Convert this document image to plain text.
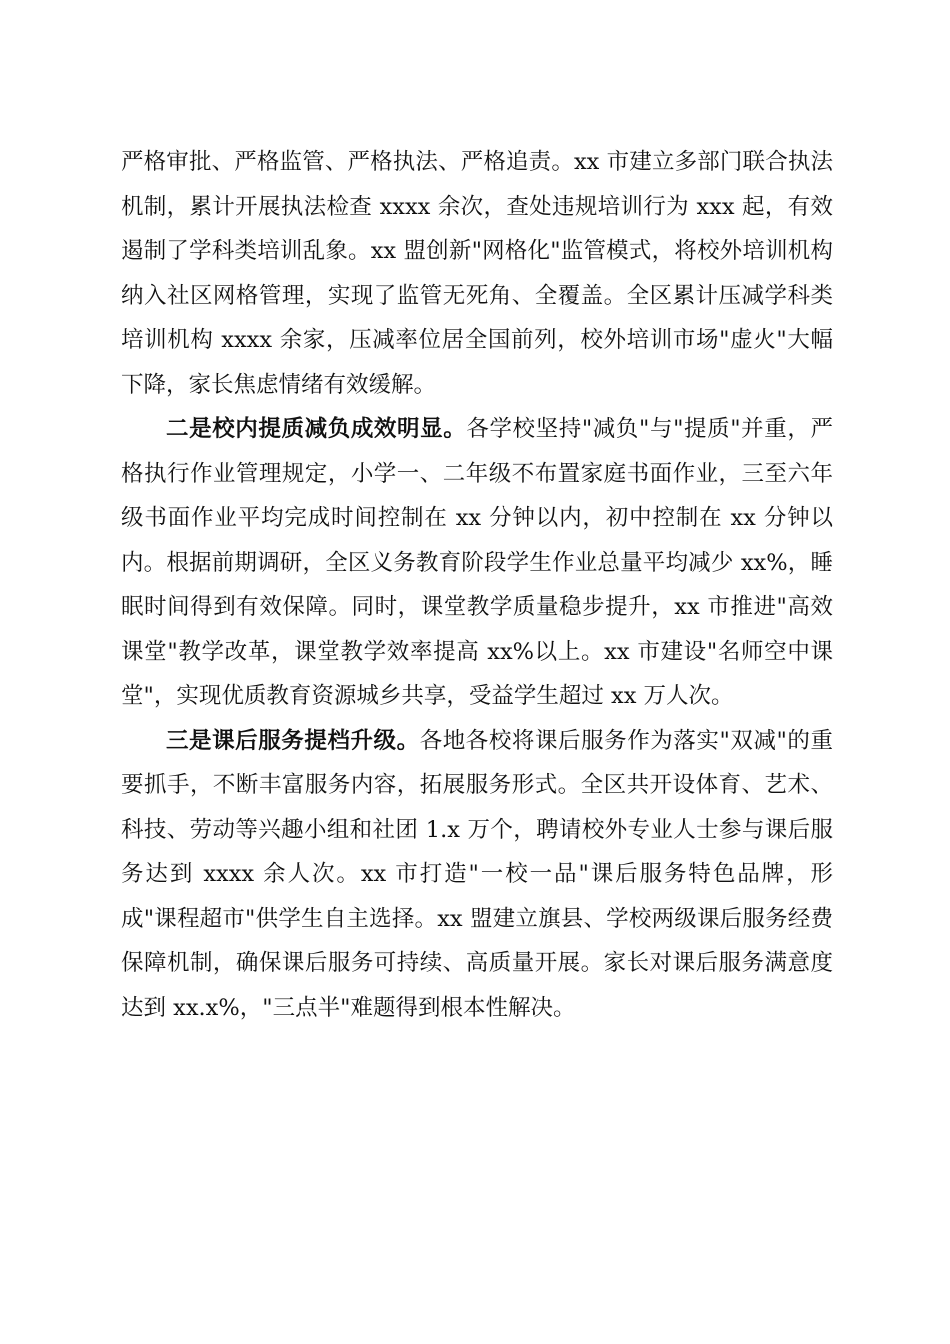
严格审批、严格监管、严格执法、严格追责。xx 市建立多部门联合执法机制，累计开展执法检查 xxxx 余次，查处违规培训行为 xxx 起，有效遏制了学科类培训乱象。xx 盟创新"网格化"监管模式，将校外培训机构纳入社区网格管理，实现了监管无死角、全覆盖。全区累计压减学科类培训机构 xxxx 余家，压减率位居全国前列，校外培训市场"虚火"大幅下降，家长焦虑情绪有效缓解。

二是校内提质减负成效明显。各学校坚持"减负"与"提质"并重，严格执行作业管理规定，小学一、二年级不布置家庭书面作业，三至六年级书面作业平均完成时间控制在 xx 分钟以内，初中控制在 xx 分钟以内。根据前期调研，全区义务教育阶段学生作业总量平均减少 xx%，睡眠时间得到有效保障。同时，课堂教学质量稳步提升，xx 市推进"高效课堂"教学改革，课堂教学效率提高 xx%以上。xx 市建设"名师空中课堂"，实现优质教育资源城乡共享，受益学生超过 xx 万人次。

三是课后服务提档升级。各地各校将课后服务作为落实"双减"的重要抓手，不断丰富服务内容，拓展服务形式。全区共开设体育、艺术、科技、劳动等兴趣小组和社团 1.x 万个，聘请校外专业人士参与课后服务达到 xxxx 余人次。xx 市打造"一校一品"课后服务特色品牌，形成"课程超市"供学生自主选择。xx 盟建立旗县、学校两级课后服务经费保障机制，确保课后服务可持续、高质量开展。家长对课后服务满意度达到 xx.x%，"三点半"难题得到根本性解决。
